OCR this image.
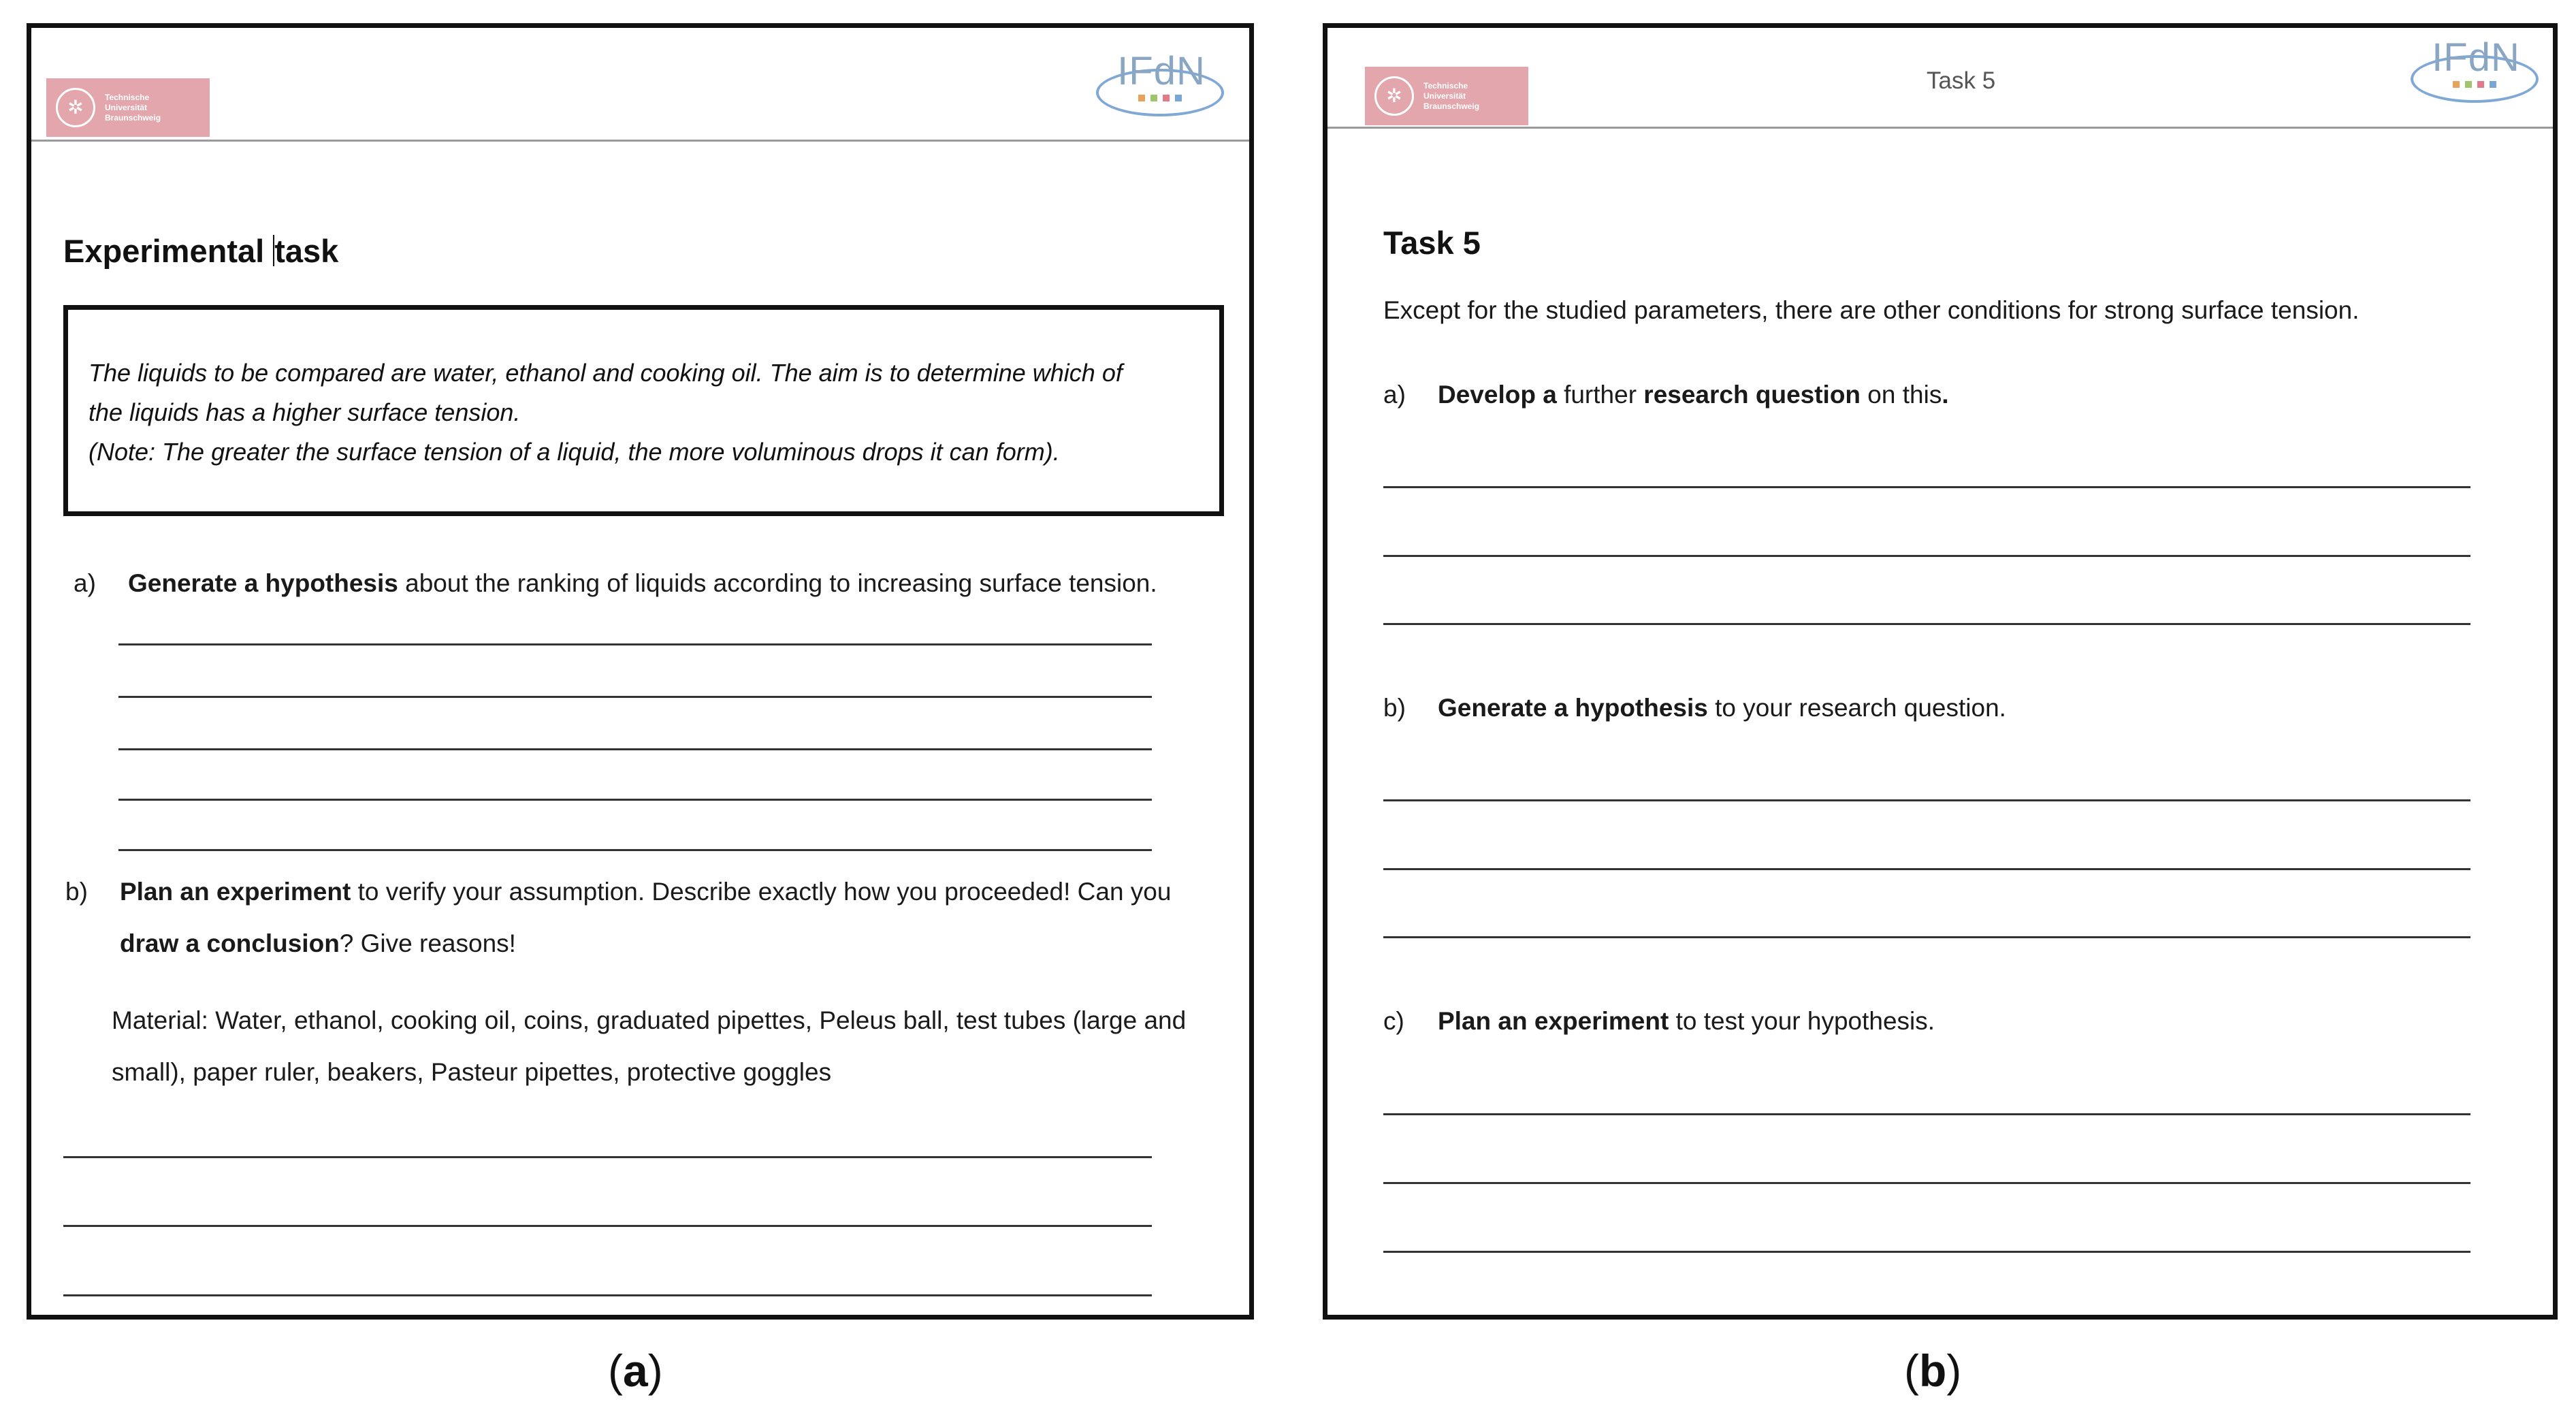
✲	Technische
Universität
Braunschweig
IFdN
Experimental task
The liquids to be compared are water, ethanol and cooking oil. The aim is to determine which of
the liquids has a higher surface tension.
(Note: The greater the surface tension of a liquid, the more voluminous drops it can form).
a) Generate a hypothesis about the ranking of liquids according to increasing surface tension.
b) Plan an experiment to verify your assumption. Describe exactly how you proceeded! Can you
draw a conclusion? Give reasons!
Material: Water, ethanol, cooking oil, coins, graduated pipettes, Peleus ball, test tubes (large and
small), paper ruler, beakers, Pasteur pipettes, protective goggles
✲	Technische
Universität
Braunschweig
Task 5
IFdN
Task 5
Except for the studied parameters, there are other conditions for strong surface tension.
a) Develop a further research question on this.
b) Generate a hypothesis to your research question.
c) Plan an experiment to test your hypothesis.
(a)	(b)
